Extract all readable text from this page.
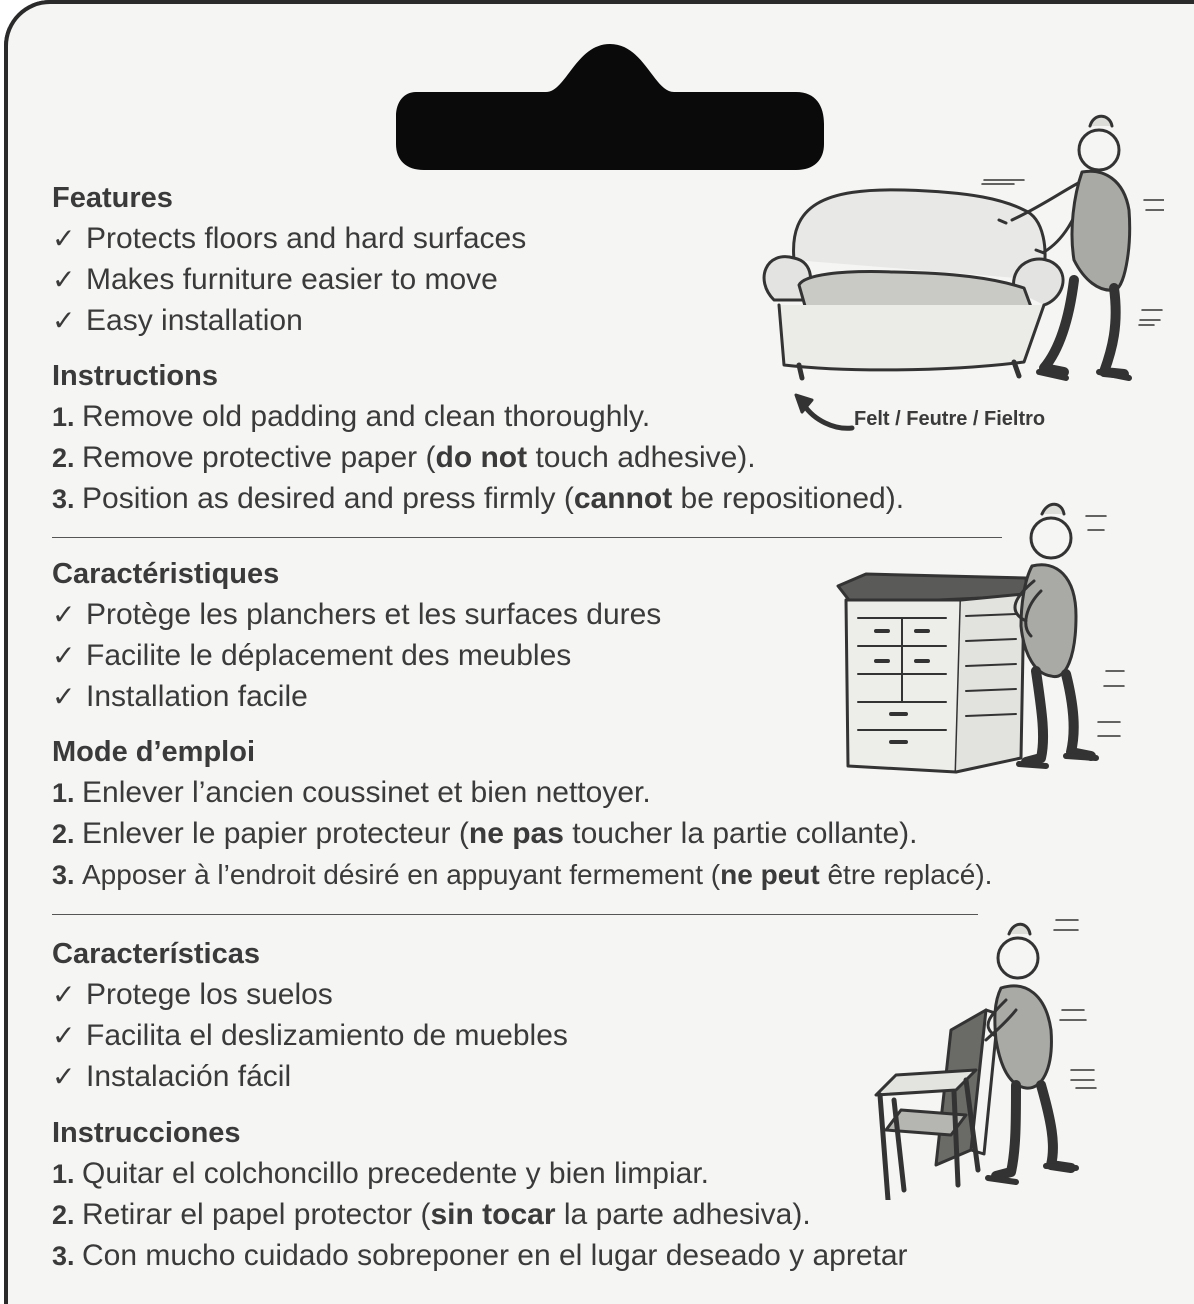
Features
✓ Protects floors and hard surfaces
✓ Makes furniture easier to move
✓ Easy installation
Instructions
1. Remove old padding and clean thoroughly.
2. Remove protective paper (do not touch adhesive).
3. Position as desired and press firmly (cannot be repositioned).
Caractéristiques
✓ Protège les planchers et les surfaces dures
✓ Facilite le déplacement des meubles
✓ Installation facile
Mode d’emploi
1. Enlever l’ancien coussinet et bien nettoyer.
2. Enlever le papier protecteur (ne pas toucher la partie collante).
3. Apposer à l’endroit désiré en appuyant fermement (ne peut être replacé).
Características
✓ Protege los suelos
✓ Facilita el deslizamiento de muebles
✓ Instalación fácil
Instrucciones
1. Quitar el colchoncillo precedente y bien limpiar.
2. Retirar el papel protector (sin tocar la parte adhesiva).
3. Con mucho cuidado sobreponer en el lugar deseado y apretar
Felt / Feutre / Fieltro
